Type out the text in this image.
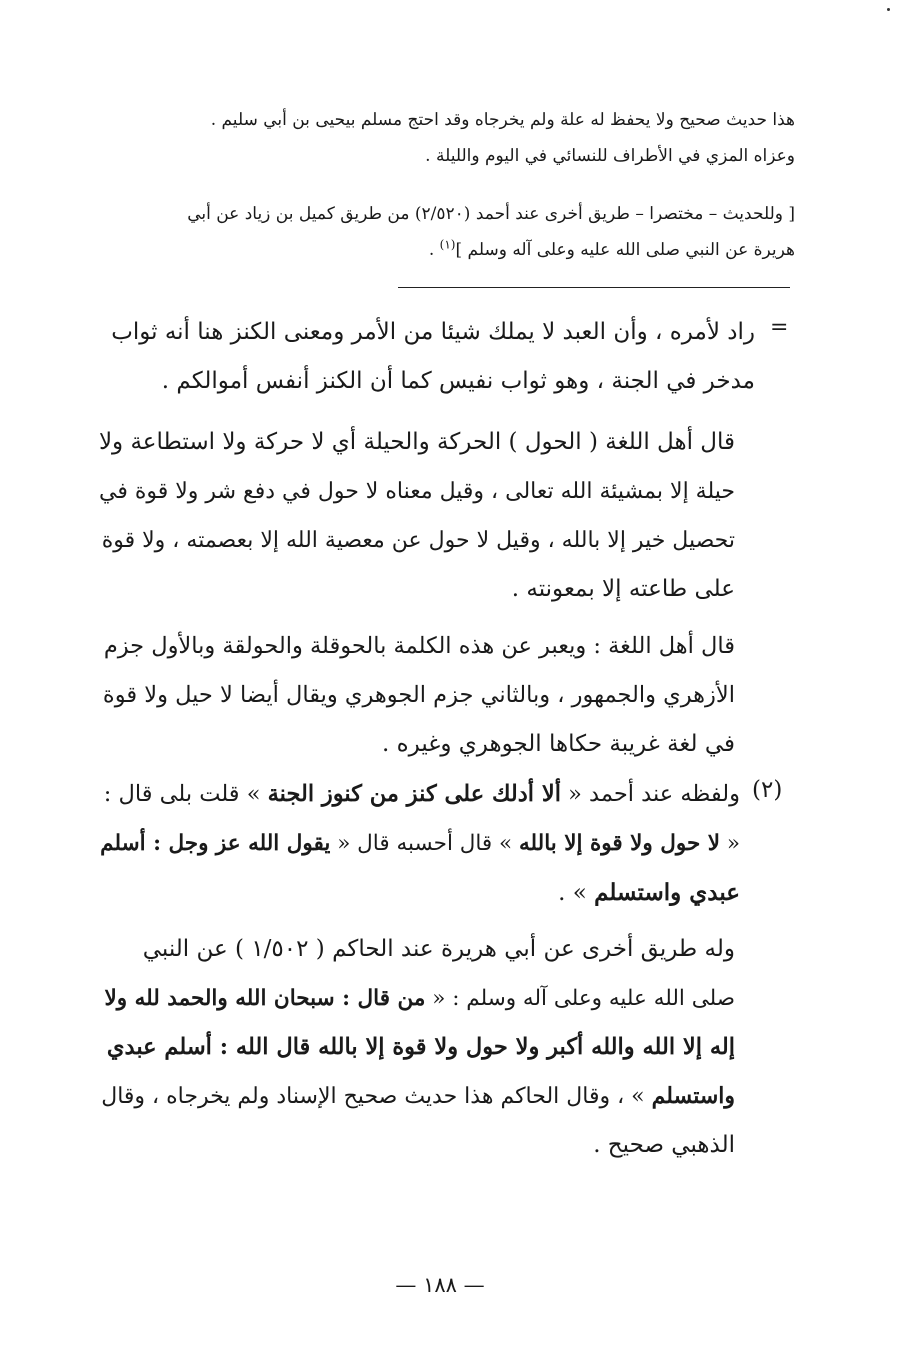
هذا حديث صحيح ولا يحفظ له علة ولم يخرجاه وقد احتج مسلم بيحيى بن أبي سليم .
وعزاه المزي في الأطراف للنسائي في اليوم والليلة .
[ وللحديث – مختصرا – طريق أخرى عند أحمد (٢/٥٢٠) من طريق كميل بن زياد عن أبي
هريرة عن النبي صلى الله عليه وعلى آله وسلم ]$^{(١)}$ .
=
راد لأمره ، وأن العبد لا يملك شيئا من الأمر ومعنى الكنز هنا أنه ثواب
مدخر في الجنة ، وهو ثواب نفيس كما أن الكنز أنفس أموالكم .
قال أهل اللغة ( الحول ) الحركة والحيلة أي لا حركة ولا استطاعة ولا
حيلة إلا بمشيئة الله تعالى ، وقيل معناه لا حول في دفع شر ولا قوة في
تحصيل خير إلا بالله ، وقيل لا حول عن معصية الله إلا بعصمته ، ولا قوة
على طاعته إلا بمعونته .
قال أهل اللغة : ويعبر عن هذه الكلمة بالحوقلة والحولقة وبالأول جزم
الأزهري والجمهور ، وبالثاني جزم الجوهري ويقال أيضا لا حيل ولا قوة
في لغة غريبة حكاها الجوهري وغيره .
(٢)
ولفظه عند أحمد « ألا أدلك على كنز من كنوز الجنة » قلت بلى قال :
« لا حول ولا قوة إلا بالله » قال أحسبه قال « يقول الله عز وجل : أسلم
عبدي واستسلم » .
وله طريق أخرى عن أبي هريرة عند الحاكم ( ١/٥٠٢ ) عن النبي
صلى الله عليه وعلى آله وسلم : « من قال : سبحان الله والحمد لله ولا
إله إلا الله والله أكبر ولا حول ولا قوة إلا بالله قال الله : أسلم عبدي
واستسلم » ، وقال الحاكم هذا حديث صحيح الإسناد ولم يخرجاه ، وقال
الذهبي صحيح .
— ١٨٨ —
